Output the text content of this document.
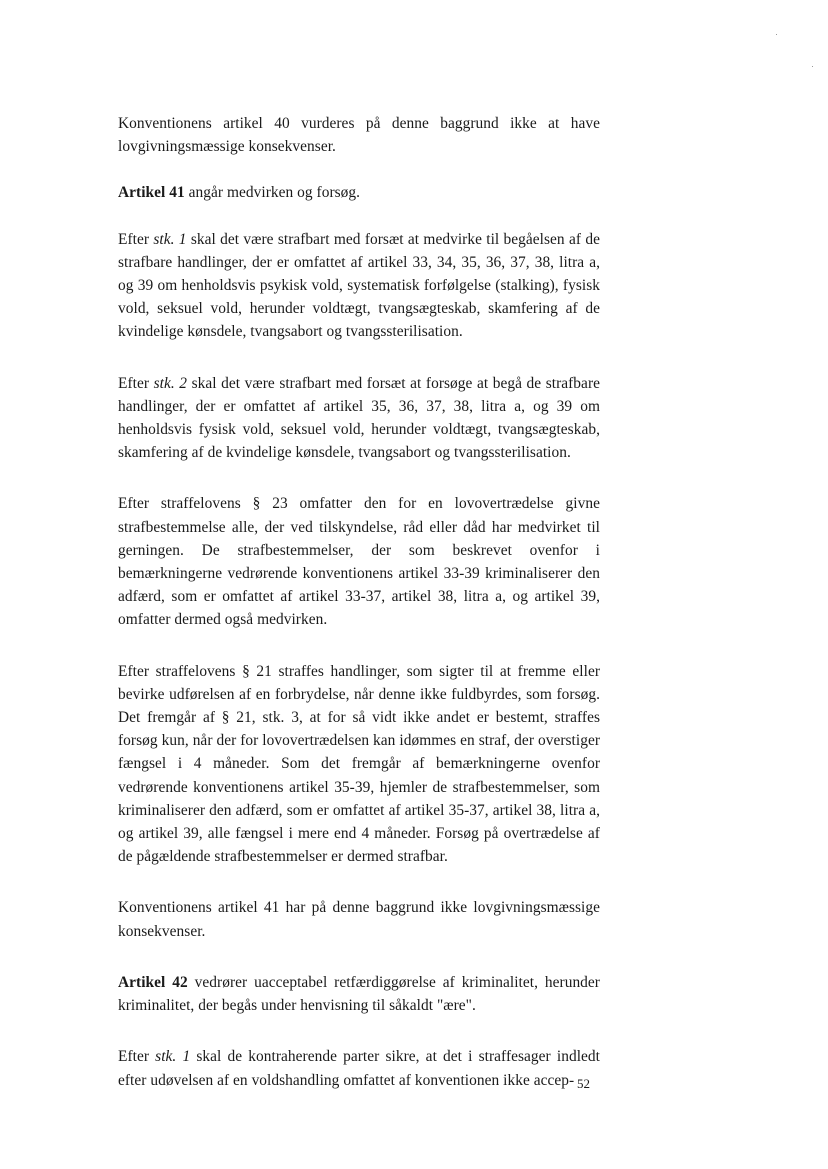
Konventionens artikel 40 vurderes på denne baggrund ikke at have lovgivningsmæssige konsekvenser.

Artikel 41 angår medvirken og forsøg.

Efter stk. 1 skal det være strafbart med forsæt at medvirke til begåelsen af de strafbare handlinger, der er omfattet af artikel 33, 34, 35, 36, 37, 38, litra a, og 39 om henholdsvis psykisk vold, systematisk forfølgelse (stalking), fysisk vold, seksuel vold, herunder voldtægt, tvangsægteskab, skamfering af de kvindelige kønsdele, tvangsabort og tvangssterilisation.

Efter stk. 2 skal det være strafbart med forsæt at forsøge at begå de strafbare handlinger, der er omfattet af artikel 35, 36, 37, 38, litra a, og 39 om henholdsvis fysisk vold, seksuel vold, herunder voldtægt, tvangsægteskab, skamfering af de kvindelige kønsdele, tvangsabort og tvangssterilisation.

Efter straffelovens § 23 omfatter den for en lovovertrædelse givne strafbestemmelse alle, der ved tilskyndelse, råd eller dåd har medvirket til gerningen. De strafbestemmelser, der som beskrevet ovenfor i bemærkningerne vedrørende konventionens artikel 33-39 kriminaliserer den adfærd, som er omfattet af artikel 33-37, artikel 38, litra a, og artikel 39, omfatter dermed også medvirken.

Efter straffelovens § 21 straffes handlinger, som sigter til at fremme eller bevirke udførelsen af en forbrydelse, når denne ikke fuldbyrdes, som forsøg. Det fremgår af § 21, stk. 3, at for så vidt ikke andet er bestemt, straffes forsøg kun, når der for lovovertrædelsen kan idømmes en straf, der overstiger fængsel i 4 måneder. Som det fremgår af bemærkningerne ovenfor vedrørende konventionens artikel 35-39, hjemler de strafbestemmelser, som kriminaliserer den adfærd, som er omfattet af artikel 35-37, artikel 38, litra a, og artikel 39, alle fængsel i mere end 4 måneder. Forsøg på overtrædelse af de pågældende strafbestemmelser er dermed strafbar.

Konventionens artikel 41 har på denne baggrund ikke lovgivningsmæssige konsekvenser.

Artikel 42 vedrører uacceptabel retfærdiggørelse af kriminalitet, herunder kriminalitet, der begås under henvisning til såkaldt "ære".

Efter stk. 1 skal de kontraherende parter sikre, at det i straffesager indledt efter udøvelsen af en voldshandling omfattet af konventionen ikke accep- 52
